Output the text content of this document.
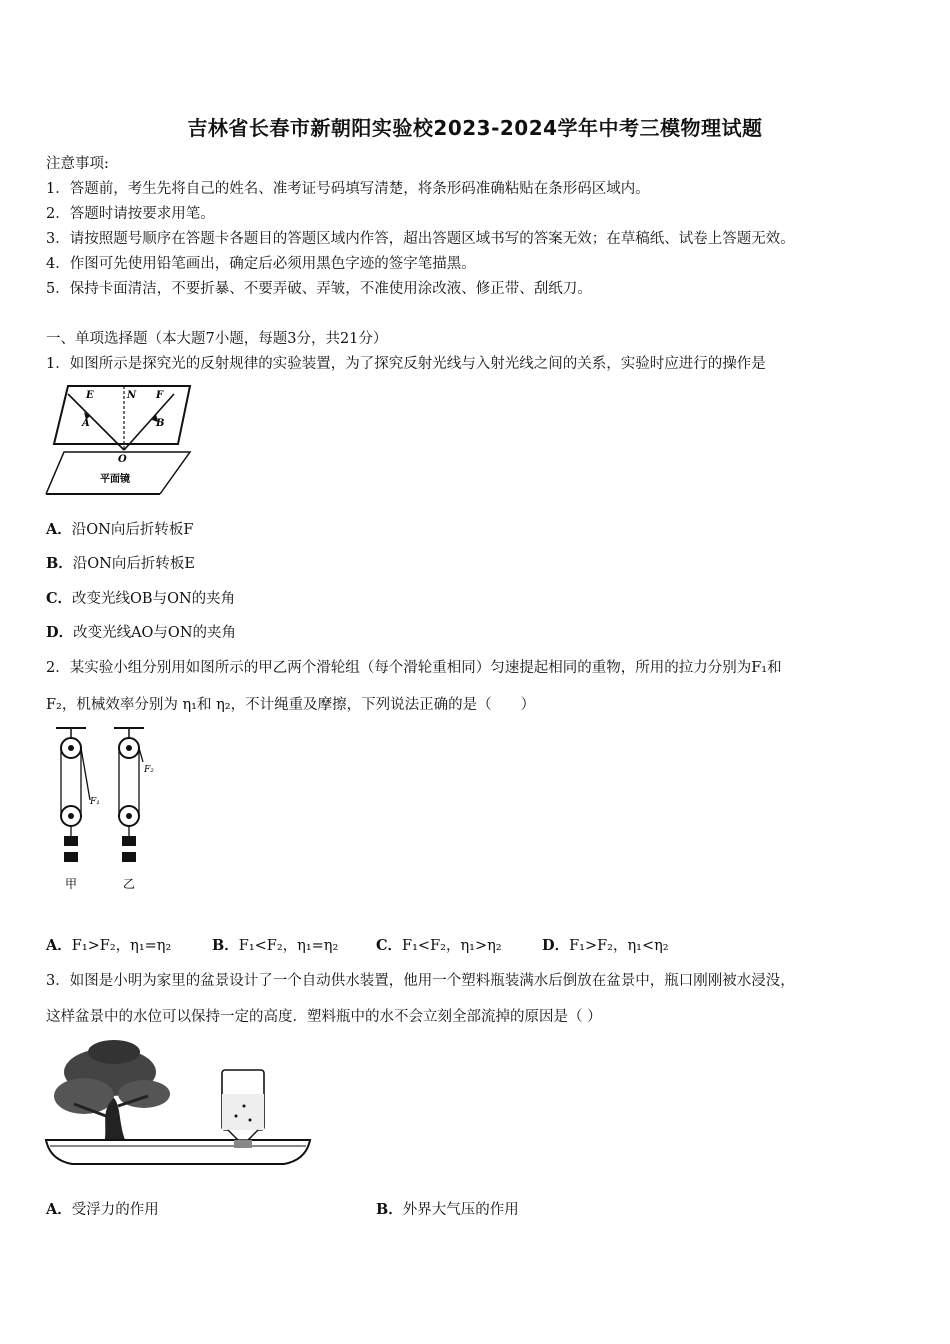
吉林省长春市新朝阳实验校2023-2024学年中考三模物理试题
注意事项:
1．答题前，考生先将自己的姓名、准考证号码填写清楚，将条形码准确粘贴在条形码区域内。
2．答题时请按要求用笔。
3．请按照题号顺序在答题卡各题目的答题区域内作答，超出答题区域书写的答案无效；在草稿纸、试卷上答题无效。
4．作图可先使用铅笔画出，确定后必须用黑色字迹的签字笔描黑。
5．保持卡面清洁，不要折暴、不要弄破、弄皱，不准使用涂改液、修正带、刮纸刀。
一、单项选择题（本大题7小题，每题3分，共21分）
1．如图所示是探究光的反射规律的实验装置，为了探究反射光线与入射光线之间的关系，实验时应进行的操作是
E	N F
A	B
O
平面镜
A．沿ON向后折转板F
B．沿ON向后折转板E
C．改变光线OB与ON的夹角
D．改变光线AO与ON的夹角
2．某实验小组分别用如图所示的甲乙两个滑轮组（每个滑轮重相同）匀速提起相同的重物，所用的拉力分别为F₁和
F₂，机械效率分别为 η₁和 η₂，不计绳重及摩擦，下列说法正确的是（　　）
F₁
F₂
甲	乙
A．F₁>F₂，η₁=η₂	B．F₁<F₂，η₁=η₂	C．F₁<F₂，η₁>η₂	D．F₁>F₂，η₁<η₂
3．如图是小明为家里的盆景设计了一个自动供水装置，他用一个塑料瓶装满水后倒放在盆景中，瓶口刚刚被水浸没，
这样盆景中的水位可以保持一定的高度．塑料瓶中的水不会立刻全部流掉的原因是（ ）
A．受浮力的作用	B．外界大气压的作用
